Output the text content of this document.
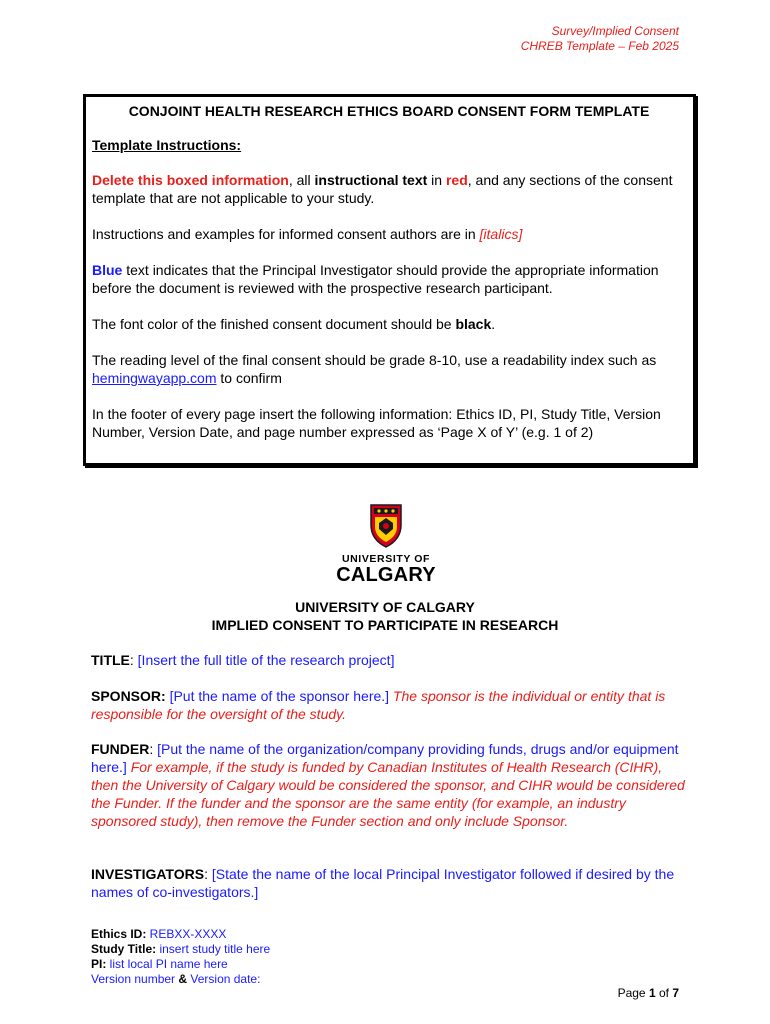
Survey/Implied Consent
CHREB Template – Feb 2025

CONJOINT HEALTH RESEARCH ETHICS BOARD CONSENT FORM TEMPLATE

Template Instructions:

Delete this boxed information, all instructional text in red, and any sections of the consent template that are not applicable to your study.

Instructions and examples for informed consent authors are in [italics]

Blue text indicates that the Principal Investigator should provide the appropriate information before the document is reviewed with the prospective research participant.

The font color of the finished consent document should be black.

The reading level of the final consent should be grade 8-10, use a readability index such as hemingwayapp.com to confirm

In the footer of every page insert the following information: Ethics ID, PI, Study Title, Version Number, Version Date, and page number expressed as ‘Page X of Y’ (e.g. 1 of 2)

UNIVERSITY OF
CALGARY
UNIVERSITY OF CALGARY
IMPLIED CONSENT TO PARTICIPATE IN RESEARCH
TITLE: [Insert the full title of the research project]
SPONSOR: [Put the name of the sponsor here.] The sponsor is the individual or entity that is responsible for the oversight of the study.
FUNDER: [Put the name of the organization/company providing funds, drugs and/or equipment here.] For example, if the study is funded by Canadian Institutes of Health Research (CIHR), then the University of Calgary would be considered the sponsor, and CIHR would be considered the Funder. If the funder and the sponsor are the same entity (for example, an industry sponsored study), then remove the Funder section and only include Sponsor.
INVESTIGATORS: [State the name of the local Principal Investigator followed if desired by the names of co-investigators.]
Ethics ID: REBXX-XXXX
Study Title: insert study title here
PI: list local PI name here
Version number & Version date:
Page 1 of 7
